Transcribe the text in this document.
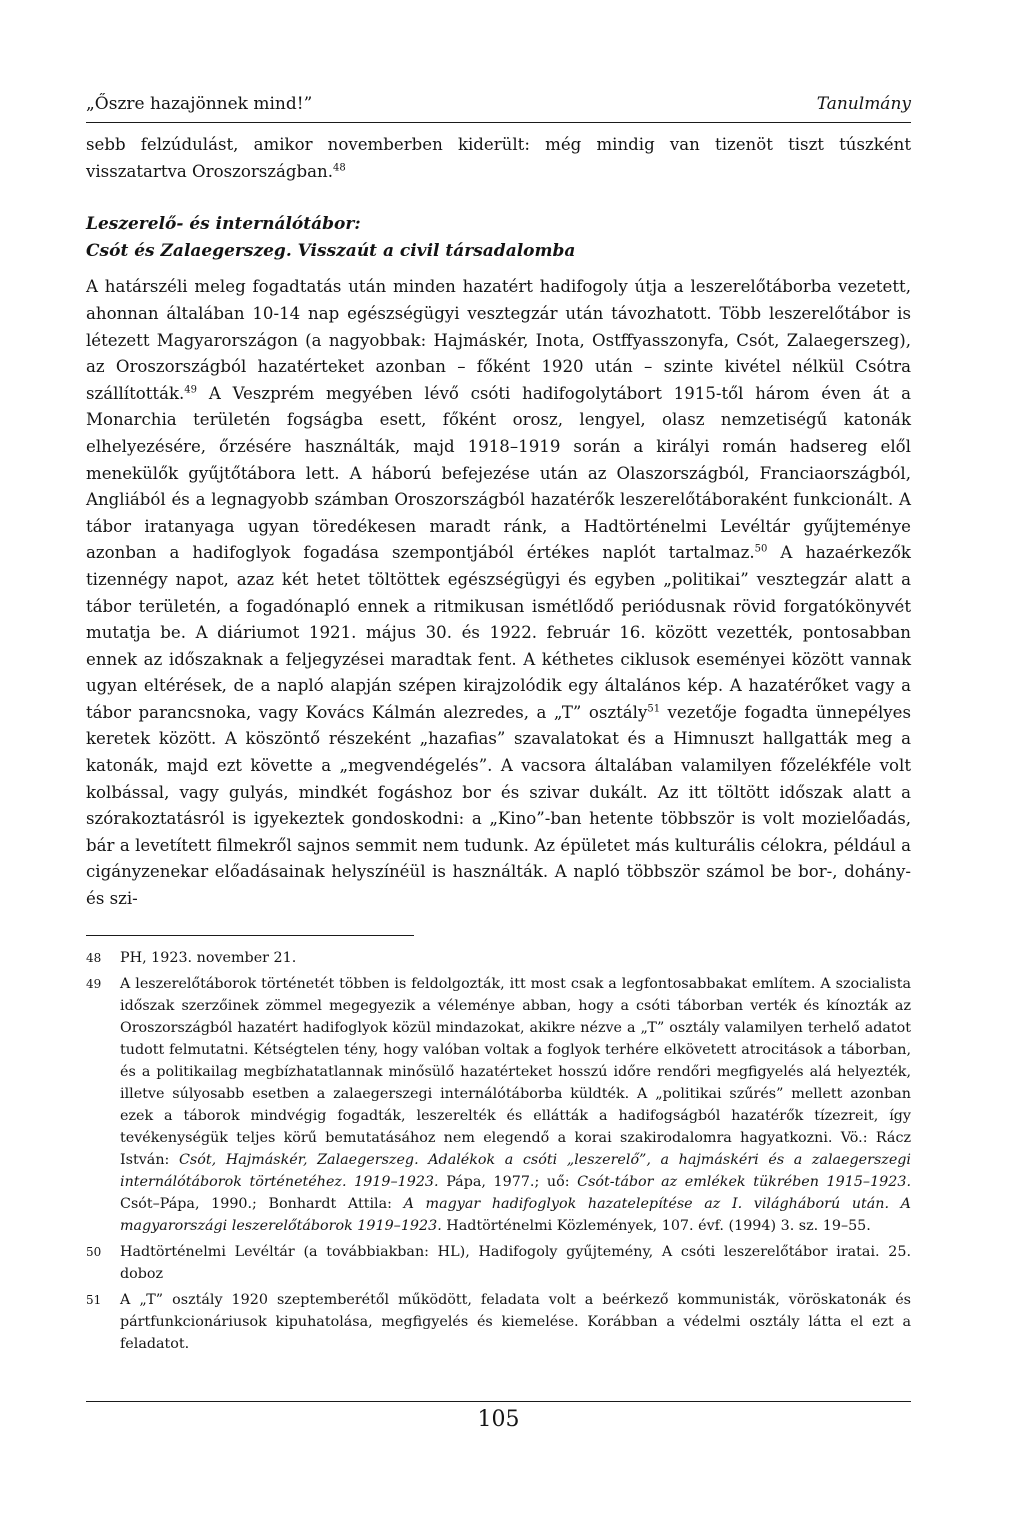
„Őszre hazajönnek mind!”	Tanulmány

sebb felzúdulást, amikor novemberben kiderült: még mindig van tizenöt tiszt túszként visszatartva Oroszországban.$^{48}$

Leszerelő- és internálótábor:
Csót és Zalaegerszeg. Visszaút a civil társadalomba

A határszéli meleg fogadtatás után minden hazatért hadifogoly útja a leszerelőtáborba vezetett, ahonnan általában 10-14 nap egészségügyi vesztegzár után távozhatott. Több leszerelőtábor is létezett Magyarországon (a nagyobbak: Hajmáskér, Inota, Ostffyasszonyfa, Csót, Zalaegerszeg), az Oroszországból hazatérteket azonban – főként 1920 után – szinte kivétel nélkül Csótra szállították.$^{49}$ A Veszprém megyében lévő csóti hadifogolytábort 1915-től három éven át a Monarchia területén fogságba esett, főként orosz, lengyel, olasz nemzetiségű katonák elhelyezésére, őrzésére használták, majd 1918–1919 során a királyi román hadsereg elől menekülők gyűjtőtábora lett. A háború befejezése után az Olaszországból, Franciaországból, Angliából és a legnagyobb számban Oroszországból hazatérők leszerelőtáboraként funkcionált. A tábor iratanyaga ugyan töredékesen maradt ránk, a Hadtörténelmi Levéltár gyűjteménye azonban a hadifoglyok fogadása szempontjából értékes naplót tartalmaz.$^{50}$ A hazaérkezők tizennégy napot, azaz két hetet töltöttek egészségügyi és egyben „politikai” vesztegzár alatt a tábor területén, a fogadónapló ennek a ritmikusan ismétlődő periódusnak rövid forgatókönyvét mutatja be. A diáriumot 1921. május 30. és 1922. február 16. között vezették, pontosabban ennek az időszaknak a feljegyzései maradtak fent. A kéthetes ciklusok eseményei között vannak ugyan eltérések, de a napló alapján szépen kirajzolódik egy általános kép. A hazatérőket vagy a tábor parancsnoka, vagy Kovács Kálmán alezredes, a „T” osztály$^{51}$ vezetője fogadta ünnepélyes keretek között. A köszöntő részeként „hazafias” szavalatokat és a Himnuszt hallgatták meg a katonák, majd ezt követte a „megvendégelés”. A vacsora általában valamilyen főzelékféle volt kolbással, vagy gulyás, mindkét fogáshoz bor és szivar dukált. Az itt töltött időszak alatt a szórakoztatásról is igyekeztek gondoskodni: a „Kino”-ban hetente többször is volt mozielőadás, bár a levetített filmekről sajnos semmit nem tudunk. Az épületet más kulturális célokra, például a cigányzenekar előadásainak helyszínéül is használták. A napló többször számol be bor-, dohány- és szi-

48 PH, 1923. november 21.
49 A leszerelőtáborok történetét többen is feldolgozták, itt most csak a legfontosabbakat említem. A szocialista időszak szerzőinek zömmel megegyezik a véleménye abban, hogy a csóti táborban verték és kínozták az Oroszországból hazatért hadifoglyok közül mindazokat, akikre nézve a „T” osztály valamilyen terhelő adatot tudott felmutatni. Kétségtelen tény, hogy valóban voltak a foglyok terhére elkövetett atrocitások a táborban, és a politikailag megbízhatatlannak minősülő hazatérteket hosszú időre rendőri megfigyelés alá helyezték, illetve súlyosabb esetben a zalaegerszegi internálótáborba küldték. A „politikai szűrés” mellett azonban ezek a táborok mindvégig fogadták, leszerelték és ellátták a hadifogságból hazatérők tízezreit, így tevékenységük teljes körű bemutatásához nem elegendő a korai szakirodalomra hagyatkozni. Vö.: Rácz István: Csót, Hajmáskér, Zalaegerszeg. Adalékok a csóti „leszerelő”, a hajmáskéri és a zalaegerszegi internálótáborok történetéhez. 1919–1923. Pápa, 1977.; uő: Csót-tábor az emlékek tükrében 1915–1923. Csót–Pápa, 1990.; Bonhardt Attila: A magyar hadifoglyok hazatelepítése az I. világháború után. A magyarországi leszerelőtáborok 1919–1923. Hadtörténelmi Közlemények, 107. évf. (1994) 3. sz. 19–55.
50 Hadtörténelmi Levéltár (a továbbiakban: HL), Hadifogoly gyűjtemény, A csóti leszerelőtábor iratai. 25. doboz
51 A „T” osztály 1920 szeptemberétől működött, feladata volt a beérkező kommunisták, vöröskatonák és pártfunkcionáriusok kipuhatolása, megfigyelés és kiemelése. Korábban a védelmi osztály látta el ezt a feladatot.
105
